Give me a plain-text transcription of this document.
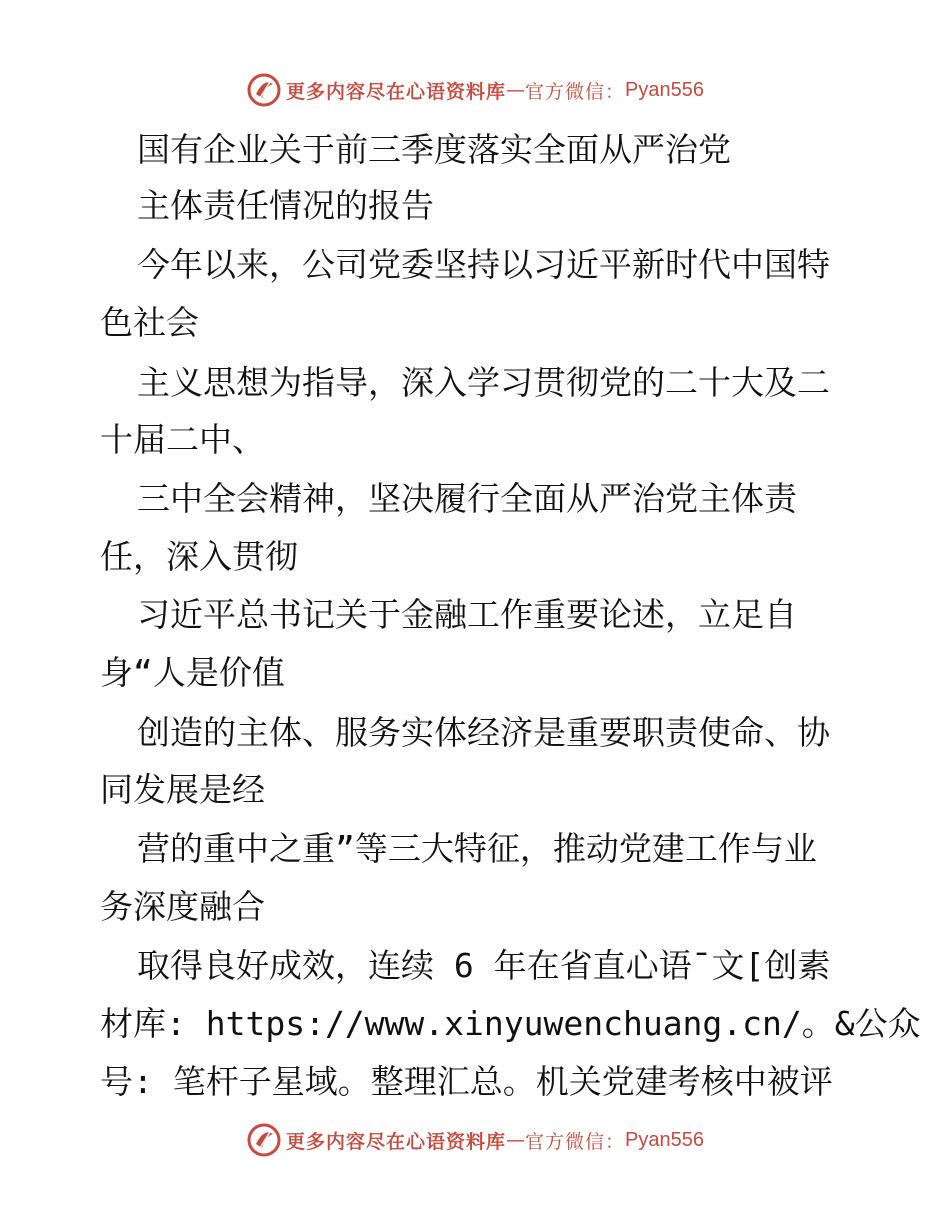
更多内容尽在心语资料库 — 官方微信： Pyan556
国有企业关于前三季度落实全面从严治党
主体责任情况的报告
今年以来，公司党委坚持以习近平新时代中国特
色社会
主义思想为指导，深入学习贯彻党的二十大及二
十届二中、
三中全会精神，坚决履行全面从严治党主体责
任，深入贯彻
习近平总书记关于金融工作重要论述，立足自
身“人是价值
创造的主体、服务实体经济是重要职责使命、协
同发展是经
营的重中之重”等三大特征，推动党建工作与业
务深度融合
取得良好成效，连续 6 年在省直心语¯文[创素
材库: https://www.xinyuwenchuang.cn/。&公众
号: 笔杆子星域。整理汇总。机关党建考核中被评
更多内容尽在心语资料库 — 官方微信： Pyan556
